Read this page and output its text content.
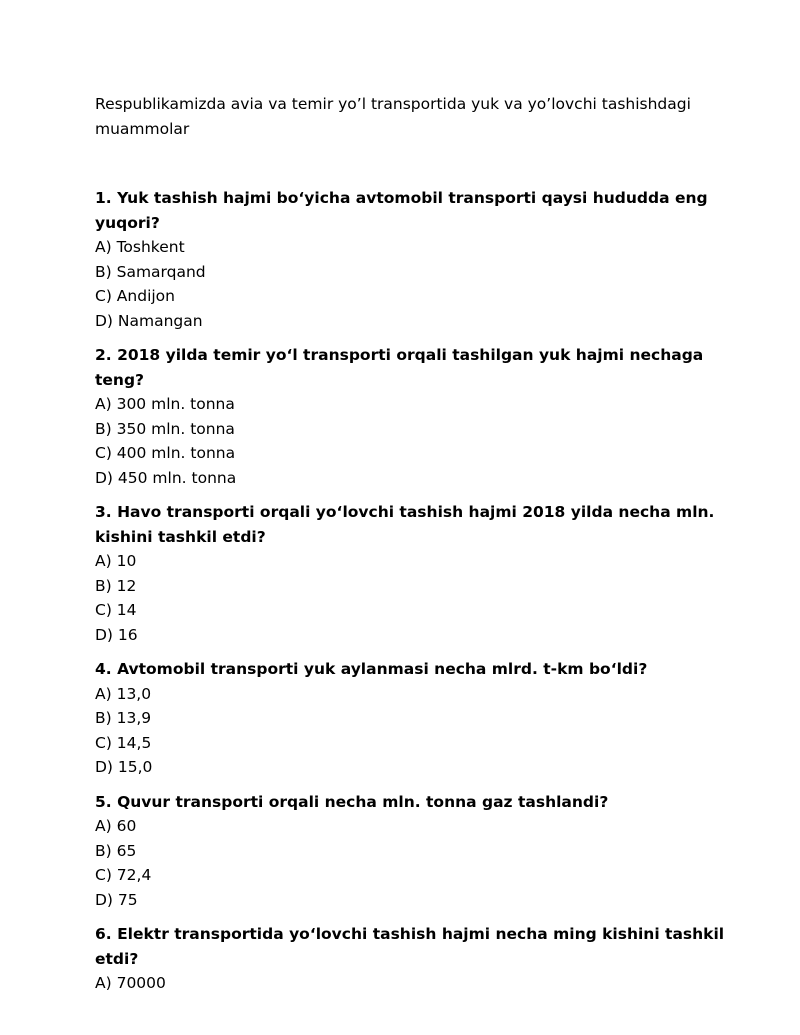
Respublikamizda avia va temir yo’l transportida yuk va yo’lovchi tashishdagi muammolar

1. Yuk tashish hajmi bo‘yicha avtomobil transporti qaysi hududda eng yuqori?

A) Toshkent

B) Samarqand

C) Andijon

D) Namangan

2. 2018 yilda temir yo‘l transporti orqali tashilgan yuk hajmi nechaga teng?

A) 300 mln. tonna

B) 350 mln. tonna

C) 400 mln. tonna

D) 450 mln. tonna

3. Havo transporti orqali yo‘lovchi tashish hajmi 2018 yilda necha mln. kishini tashkil etdi?

A) 10

B) 12

C) 14

D) 16

4. Avtomobil transporti yuk aylanmasi necha mlrd. t-km bo‘ldi?

A) 13,0

B) 13,9

C) 14,5

D) 15,0

5. Quvur transporti orqali necha mln. tonna gaz tashlandi?

A) 60

B) 65

C) 72,4

D) 75

6. Elektr transportida yo‘lovchi tashish hajmi necha ming kishini tashkil etdi?

A) 70000
